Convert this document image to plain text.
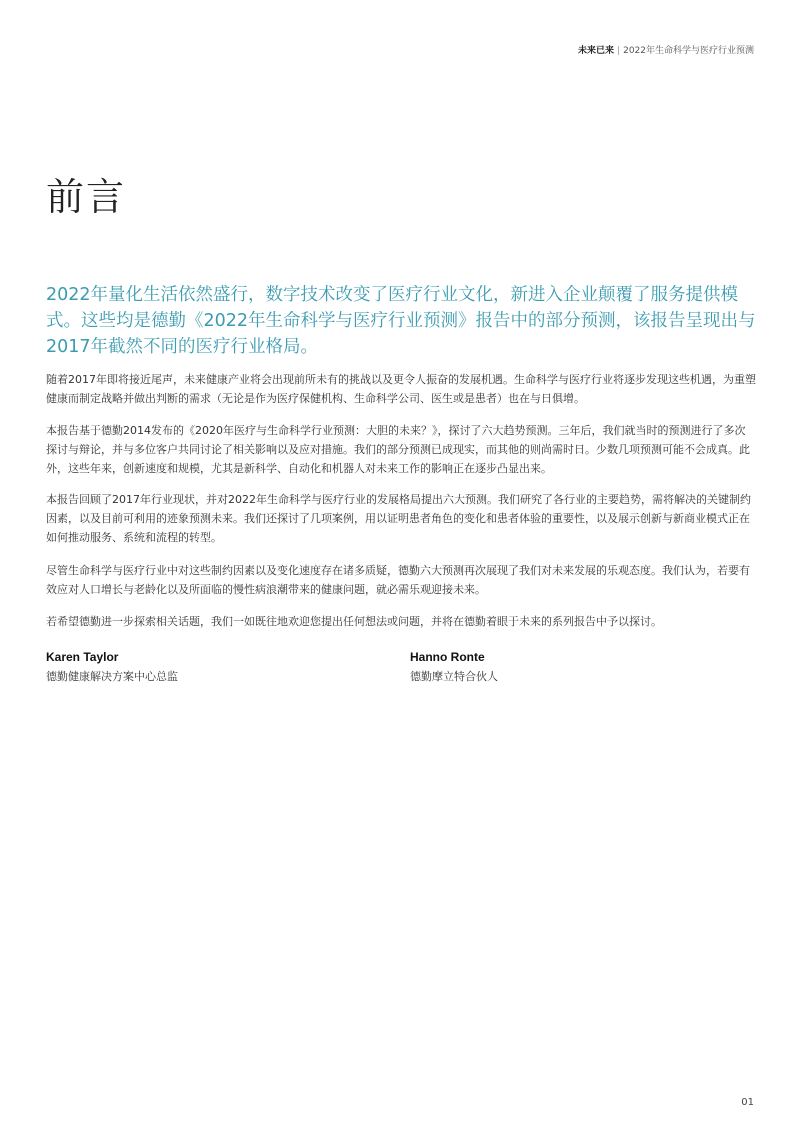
未来已来 | 2022年生命科学与医疗行业预测
前言

2022年量化生活依然盛行，数字技术改变了医疗行业文化，新进入企业颠覆了服务提供模式。这些均是德勤《2022年生命科学与医疗行业预测》报告中的部分预测，该报告呈现出与2017年截然不同的医疗行业格局。

随着2017年即将接近尾声，未来健康产业将会出现前所未有的挑战以及更令人振奋的发展机遇。生命科学与医疗行业将逐步发现这些机遇，为重塑健康而制定战略并做出判断的需求（无论是作为医疗保健机构、生命科学公司、医生或是患者）也在与日俱增。

本报告基于德勤2014发布的《2020年医疗与生命科学行业预测：大胆的未来？》，探讨了六大趋势预测。三年后，我们就当时的预测进行了多次探讨与辩论，并与多位客户共同讨论了相关影响以及应对措施。我们的部分预测已成现实，而其他的则尚需时日。少数几项预测可能不会成真。此外，这些年来，创新速度和规模，尤其是新科学、自动化和机器人对未来工作的影响正在逐步凸显出来。

本报告回顾了2017年行业现状，并对2022年生命科学与医疗行业的发展格局提出六大预测。我们研究了各行业的主要趋势，需将解决的关键制约因素，以及目前可利用的迹象预测未来。我们还探讨了几项案例，用以证明患者角色的变化和患者体验的重要性，以及展示创新与新商业模式正在如何推动服务、系统和流程的转型。

尽管生命科学与医疗行业中对这些制约因素以及变化速度存在诸多质疑，德勤六大预测再次展现了我们对未来发展的乐观态度。我们认为，若要有效应对人口增长与老龄化以及所面临的慢性病浪潮带来的健康问题，就必需乐观迎接未来。

若希望德勤进一步探索相关话题，我们一如既往地欢迎您提出任何想法或问题，并将在德勤着眼于未来的系列报告中予以探讨。

Karen Taylor
德勤健康解决方案中心总监
Hanno Ronte
德勤摩立特合伙人
01
